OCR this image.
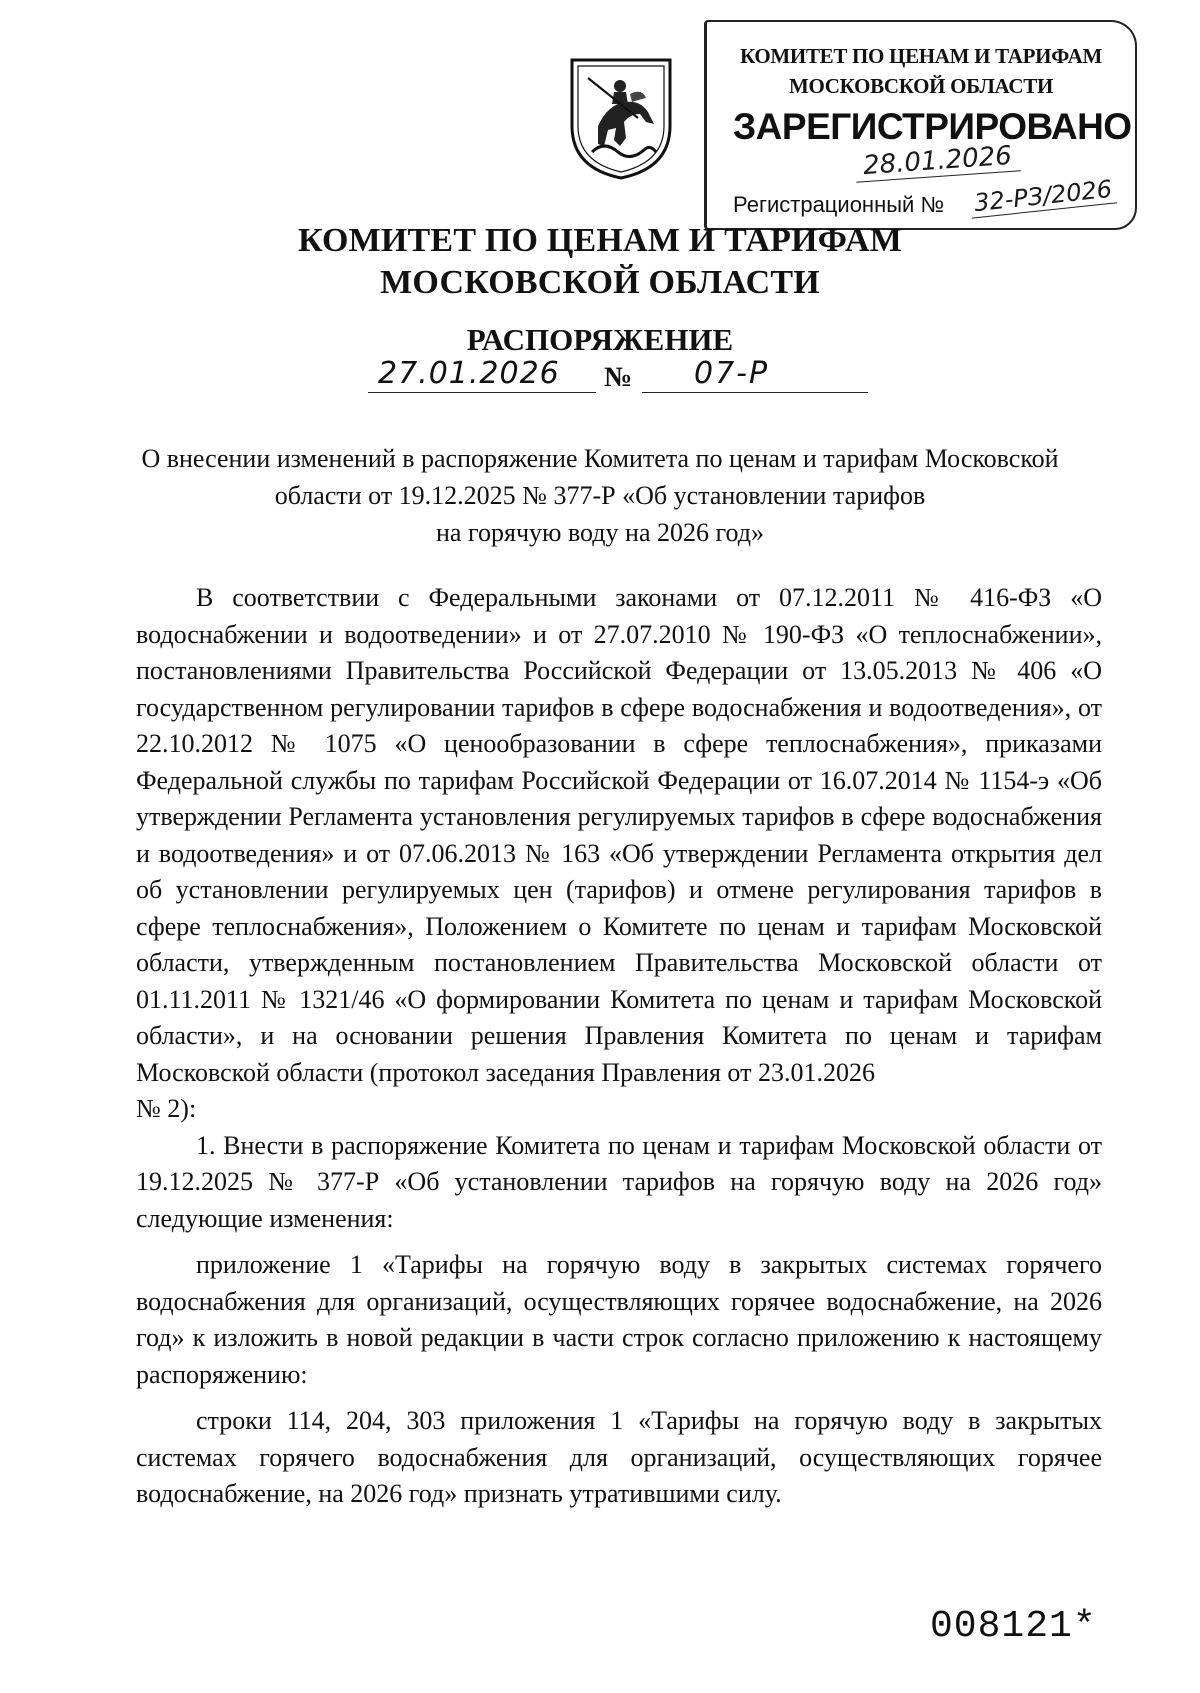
КОМИТЕТ ПО ЦЕНАМ И ТАРИФАМ
МОСКОВСКОЙ ОБЛАСТИ
ЗАРЕГИСТРИРОВАНО
28.01.2026
Регистрационный № 32-РЗ/2026
КОМИТЕТ ПО ЦЕНАМ И ТАРИФАМ
МОСКОВСКОЙ ОБЛАСТИ
РАСПОРЯЖЕНИЕ
27.01.2026 № 07-Р
О внесении изменений в распоряжение Комитета по ценам и тарифам Московской
области от 19.12.2025 № 377-Р «Об установлении тарифов
на горячую воду на 2026 год»

В соответствии с Федеральными законами от 07.12.2011 № 416-ФЗ «О водоснабжении и водоотведении» и от 27.07.2010 № 190-ФЗ «О теплоснабжении», постановлениями Правительства Российской Федерации от 13.05.2013 № 406 «О государственном регулировании тарифов в сфере водоснабжения и водоотведения», от 22.10.2012 № 1075 «О ценообразовании в сфере теплоснабжения», приказами Федеральной службы по тарифам Российской Федерации от 16.07.2014 № 1154-э «Об утверждении Регламента установления регулируемых тарифов в сфере водоснабжения и водоотведения» и от 07.06.2013 № 163 «Об утверждении Регламента открытия дел об установлении регулируемых цен (тарифов) и отмене регулирования тарифов в сфере теплоснабжения», Положением о Комитете по ценам и тарифам Московской области, утвержденным постановлением Правительства Московской области от 01.11.2011 № 1321/46 «О формировании Комитета по ценам и тарифам Московской области», и на основании решения Правления Комитета по ценам и тарифам Московской области (протокол заседания Правления от 23.01.2026

№ 2):

1. Внести в распоряжение Комитета по ценам и тарифам Московской области от 19.12.2025 № 377-Р «Об установлении тарифов на горячую воду на 2026 год» следующие изменения:

приложение 1 «Тарифы на горячую воду в закрытых системах горячего водоснабжения для организаций, осуществляющих горячее водоснабжение, на 2026 год» к изложить в новой редакции в части строк согласно приложению к настоящему распоряжению:

строки 114, 204, 303 приложения 1 «Тарифы на горячую воду в закрытых системах горячего водоснабжения для организаций, осуществляющих горячее водоснабжение, на 2026 год» признать утратившими силу.

008121*
